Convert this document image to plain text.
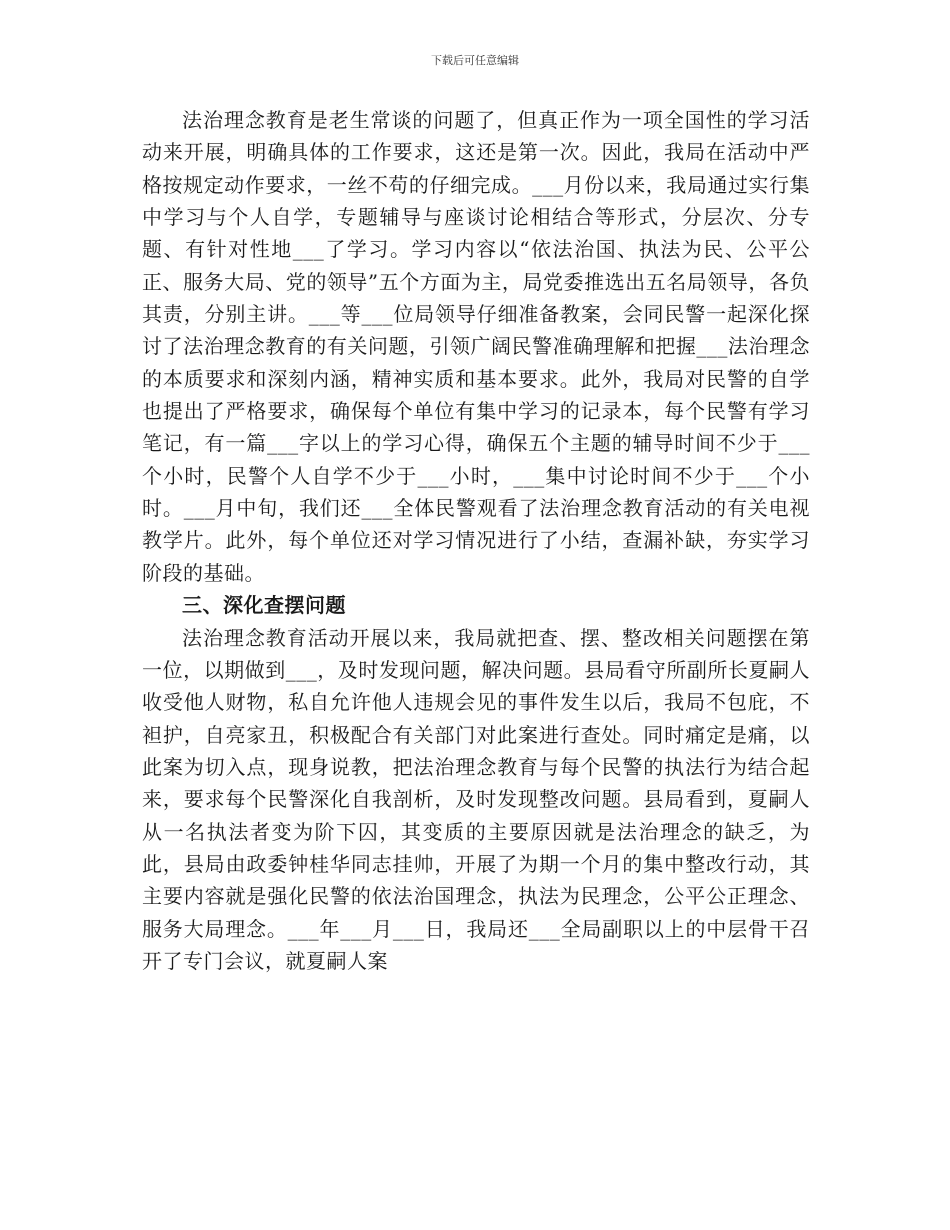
下载后可任意编辑

法治理念教育是老生常谈的问题了，但真正作为一项全国性的学习活动来开展，明确具体的工作要求，这还是第一次。因此，我局在活动中严格按规定动作要求，一丝不苟的仔细完成。___月份以来，我局通过实行集中学习与个人自学，专题辅导与座谈讨论相结合等形式，分层次、分专题、有针对性地___了学习。学习内容以“依法治国、执法为民、公平公正、服务大局、党的领导”五个方面为主，局党委推选出五名局领导，各负其责，分别主讲。___等___位局领导仔细准备教案，会同民警一起深化探讨了法治理念教育的有关问题，引领广阔民警准确理解和把握___法治理念的本质要求和深刻内涵，精神实质和基本要求。此外，我局对民警的自学也提出了严格要求，确保每个单位有集中学习的记录本，每个民警有学习笔记，有一篇___字以上的学习心得，确保五个主题的辅导时间不少于___个小时，民警个人自学不少于___小时，___集中讨论时间不少于___个小时。___月中旬，我们还___全体民警观看了法治理念教育活动的有关电视教学片。此外，每个单位还对学习情况进行了小结，查漏补缺，夯实学习阶段的基础。

三、深化查摆问题

法治理念教育活动开展以来，我局就把查、摆、整改相关问题摆在第一位，以期做到___，及时发现问题，解决问题。县局看守所副所长夏嗣人收受他人财物，私自允许他人违规会见的事件发生以后，我局不包庇，不袒护，自亮家丑，积极配合有关部门对此案进行查处。同时痛定是痛，以此案为切入点，现身说教，把法治理念教育与每个民警的执法行为结合起来，要求每个民警深化自我剖析，及时发现整改问题。县局看到，夏嗣人从一名执法者变为阶下囚，其变质的主要原因就是法治理念的缺乏，为此，县局由政委钟桂华同志挂帅，开展了为期一个月的集中整改行动，其主要内容就是强化民警的依法治国理念，执法为民理念，公平公正理念、服务大局理念。___年___月___日，我局还___全局副职以上的中层骨干召开了专门会议，就夏嗣人案
